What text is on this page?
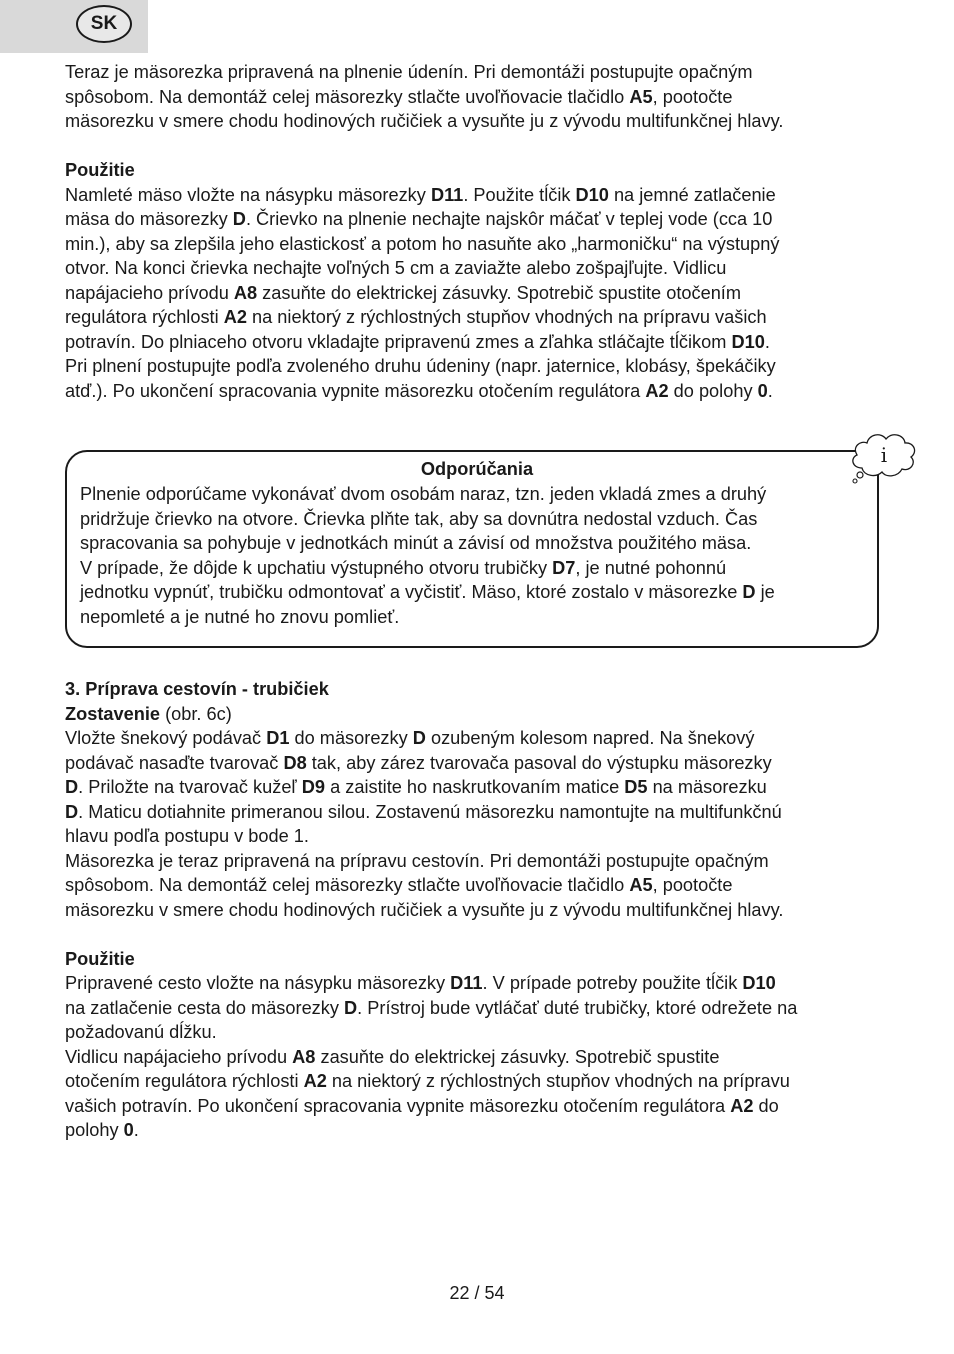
SK

Teraz je mäsorezka pripravená na plnenie údenín. Pri demontáži postupujte opačným

spôsobom. Na demontáž celej mäsorezky stlačte uvoľňovacie tlačidlo A5, pootočte

mäsorezku v smere chodu hodinových ručičiek a vysuňte ju z vývodu multifunkčnej hlavy.

Použitie

Namleté mäso vložte na násypku mäsorezky D11. Použite tĺčik D10 na jemné zatlačenie

mäsa do mäsorezky D. Črievko na plnenie nechajte najskôr máčať v teplej vode (cca 10

min.), aby sa zlepšila jeho elastickosť a potom ho nasuňte ako „harmoničku“ na výstupný

otvor. Na konci črievka nechajte voľných 5 cm a zaviažte alebo zošpajľujte. Vidlicu

napájacieho prívodu A8 zasuňte do elektrickej zásuvky. Spotrebič spustite otočením

regulátora rýchlosti A2 na niektorý z rýchlostných stupňov vhodných na prípravu vašich

potravín. Do plniaceho otvoru vkladajte pripravenú zmes a zľahka stláčajte tĺčikom D10.

Pri plnení postupujte podľa zvoleného druhu údeniny (napr. jaternice, klobásy, špekáčiky

atď.). Po ukončení spracovania vypnite mäsorezku otočením regulátora A2 do polohy 0.

i
Odporúčania

Plnenie odporúčame vykonávať dvom osobám naraz, tzn. jeden vkladá zmes a druhý

pridržuje črievko na otvore. Črievka plňte tak, aby sa dovnútra nedostal vzduch. Čas

spracovania sa pohybuje v jednotkách minút a závisí od množstva použitého mäsa.

V prípade, že dôjde k upchatiu výstupného otvoru trubičky D7, je nutné pohonnú

jednotku vypnúť, trubičku odmontovať a vyčistiť. Mäso, ktoré zostalo v mäsorezke D je

nepomleté a je nutné ho znovu pomlieť.

3. Príprava cestovín - trubičiek

Zostavenie (obr. 6c)

Vložte šnekový podávač D1 do mäsorezky D ozubeným kolesom napred. Na šnekový

podávač nasaďte tvarovač D8 tak, aby zárez tvarovača pasoval do výstupku mäsorezky

D. Priložte na tvarovač kužeľ D9 a zaistite ho naskrutkovaním matice D5 na mäsorezku

D. Maticu dotiahnite primeranou silou. Zostavenú mäsorezku namontujte na multifunkčnú

hlavu podľa postupu v bode 1.

Mäsorezka je teraz pripravená na prípravu cestovín. Pri demontáži postupujte opačným

spôsobom. Na demontáž celej mäsorezky stlačte uvoľňovacie tlačidlo A5, pootočte

mäsorezku v smere chodu hodinových ručičiek a vysuňte ju z vývodu multifunkčnej hlavy.

Použitie

Pripravené cesto vložte na násypku mäsorezky D11. V prípade potreby použite tĺčik D10

na zatlačenie cesta do mäsorezky D. Prístroj bude vytláčať duté trubičky, ktoré odrežete na

požadovanú dĺžku.

Vidlicu napájacieho prívodu A8 zasuňte do elektrickej zásuvky. Spotrebič spustite

otočením regulátora rýchlosti A2 na niektorý z rýchlostných stupňov vhodných na prípravu

vašich potravín. Po ukončení spracovania vypnite mäsorezku otočením regulátora A2 do

polohy 0.

22 / 54
